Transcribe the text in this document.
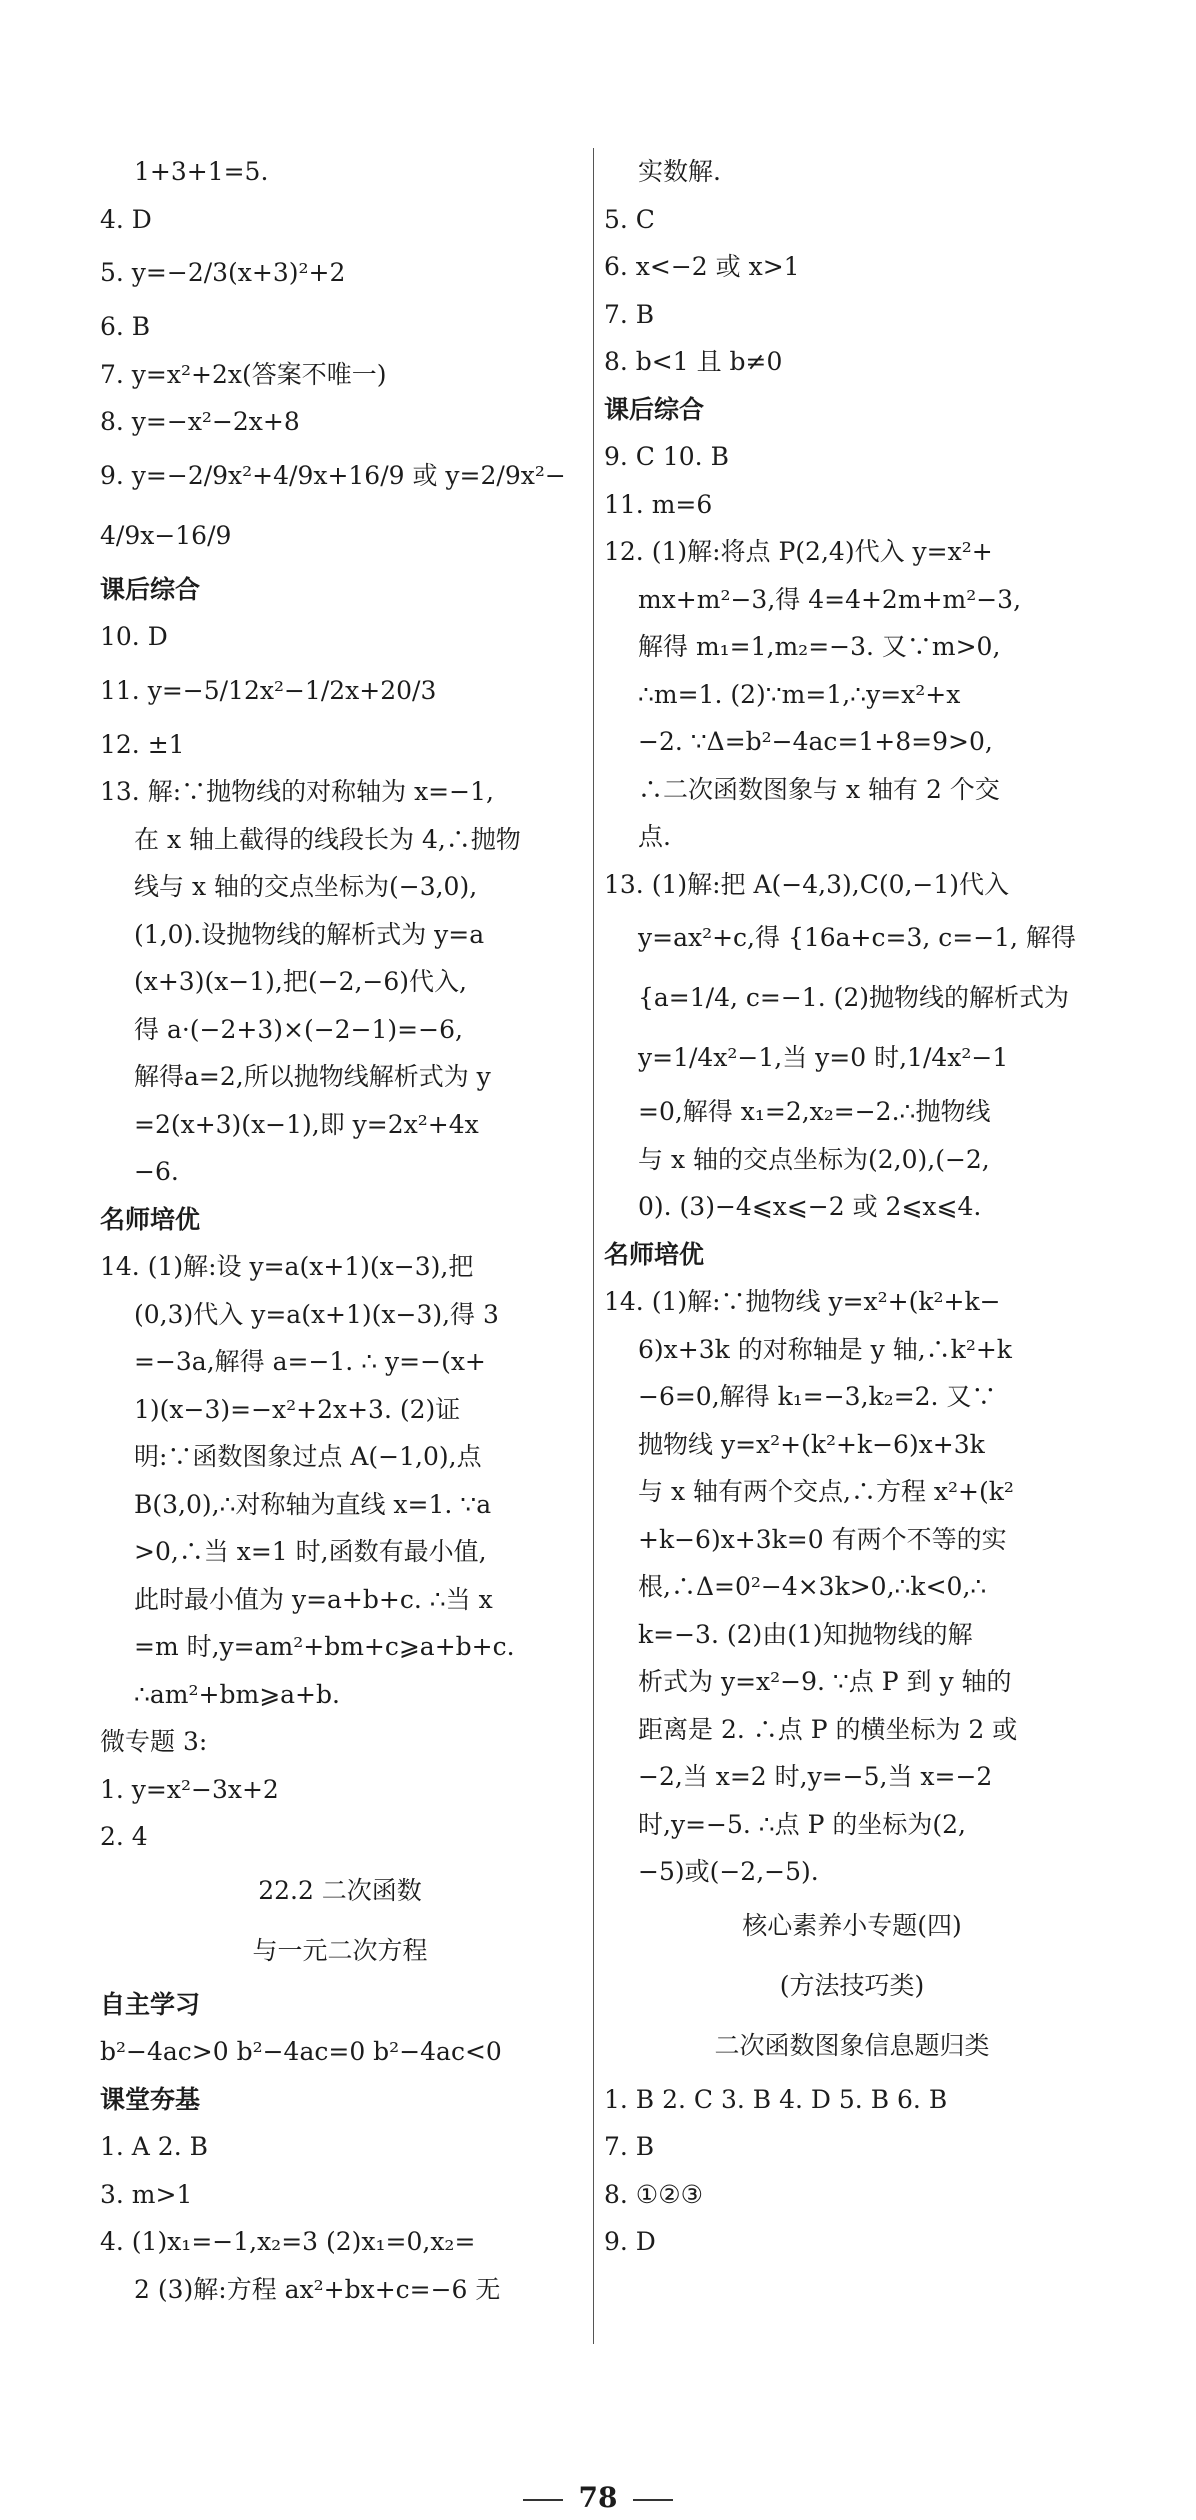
1+3+1=5.
4. D
5. y=−2/3(x+3)²+2
6. B
7. y=x²+2x(答案不唯一)
8. y=−x²−2x+8
9. y=−2/9x²+4/9x+16/9 或 y=2/9x²−
4/9x−16/9
课后综合
10. D
11. y=−5/12x²−1/2x+20/3
12. ±1
13. 解:∵抛物线的对称轴为 x=−1,
在 x 轴上截得的线段长为 4,∴抛物
线与 x 轴的交点坐标为(−3,0),
(1,0).设抛物线的解析式为 y=a
(x+3)(x−1),把(−2,−6)代入,
得 a·(−2+3)×(−2−1)=−6,
解得a=2,所以抛物线解析式为 y
=2(x+3)(x−1),即 y=2x²+4x
−6.
名师培优
14. (1)解:设 y=a(x+1)(x−3),把
(0,3)代入 y=a(x+1)(x−3),得 3
=−3a,解得 a=−1. ∴ y=−(x+
1)(x−3)=−x²+2x+3. (2)证
明:∵函数图象过点 A(−1,0),点
B(3,0),∴对称轴为直线 x=1. ∵a
>0,∴当 x=1 时,函数有最小值,
此时最小值为 y=a+b+c. ∴当 x
=m 时,y=am²+bm+c⩾a+b+c.
∴am²+bm⩾a+b.
微专题 3:
1. y=x²−3x+2
2. 4
22.2 二次函数
与一元二次方程
自主学习
b²−4ac>0 b²−4ac=0 b²−4ac<0
课堂夯基
1. A 2. B
3. m>1
4. (1)x₁=−1,x₂=3 (2)x₁=0,x₂=
2 (3)解:方程 ax²+bx+c=−6 无
实数解.
5. C
6. x<−2 或 x>1
7. B
8. b<1 且 b≠0
课后综合
9. C 10. B
11. m=6
12. (1)解:将点 P(2,4)代入 y=x²+
mx+m²−3,得 4=4+2m+m²−3,
解得 m₁=1,m₂=−3. 又∵m>0,
∴m=1. (2)∵m=1,∴y=x²+x
−2. ∵Δ=b²−4ac=1+8=9>0,
∴二次函数图象与 x 轴有 2 个交
点.
13. (1)解:把 A(−4,3),C(0,−1)代入
y=ax²+c,得 {16a+c=3, c=−1, 解得
{a=1/4, c=−1. (2)抛物线的解析式为
y=1/4x²−1,当 y=0 时,1/4x²−1
=0,解得 x₁=2,x₂=−2.∴抛物线
与 x 轴的交点坐标为(2,0),(−2,
0). (3)−4⩽x⩽−2 或 2⩽x⩽4.
名师培优
14. (1)解:∵抛物线 y=x²+(k²+k−
6)x+3k 的对称轴是 y 轴,∴k²+k
−6=0,解得 k₁=−3,k₂=2. 又∵
抛物线 y=x²+(k²+k−6)x+3k
与 x 轴有两个交点,∴方程 x²+(k²
+k−6)x+3k=0 有两个不等的实
根,∴Δ=0²−4×3k>0,∴k<0,∴
k=−3. (2)由(1)知抛物线的解
析式为 y=x²−9. ∵点 P 到 y 轴的
距离是 2. ∴点 P 的横坐标为 2 或
−2,当 x=2 时,y=−5,当 x=−2
时,y=−5. ∴点 P 的坐标为(2,
−5)或(−2,−5).
核心素养小专题(四)
(方法技巧类)
二次函数图象信息题归类
1. B 2. C 3. B 4. D 5. B 6. B
7. B
8. ①②③
9. D
78
